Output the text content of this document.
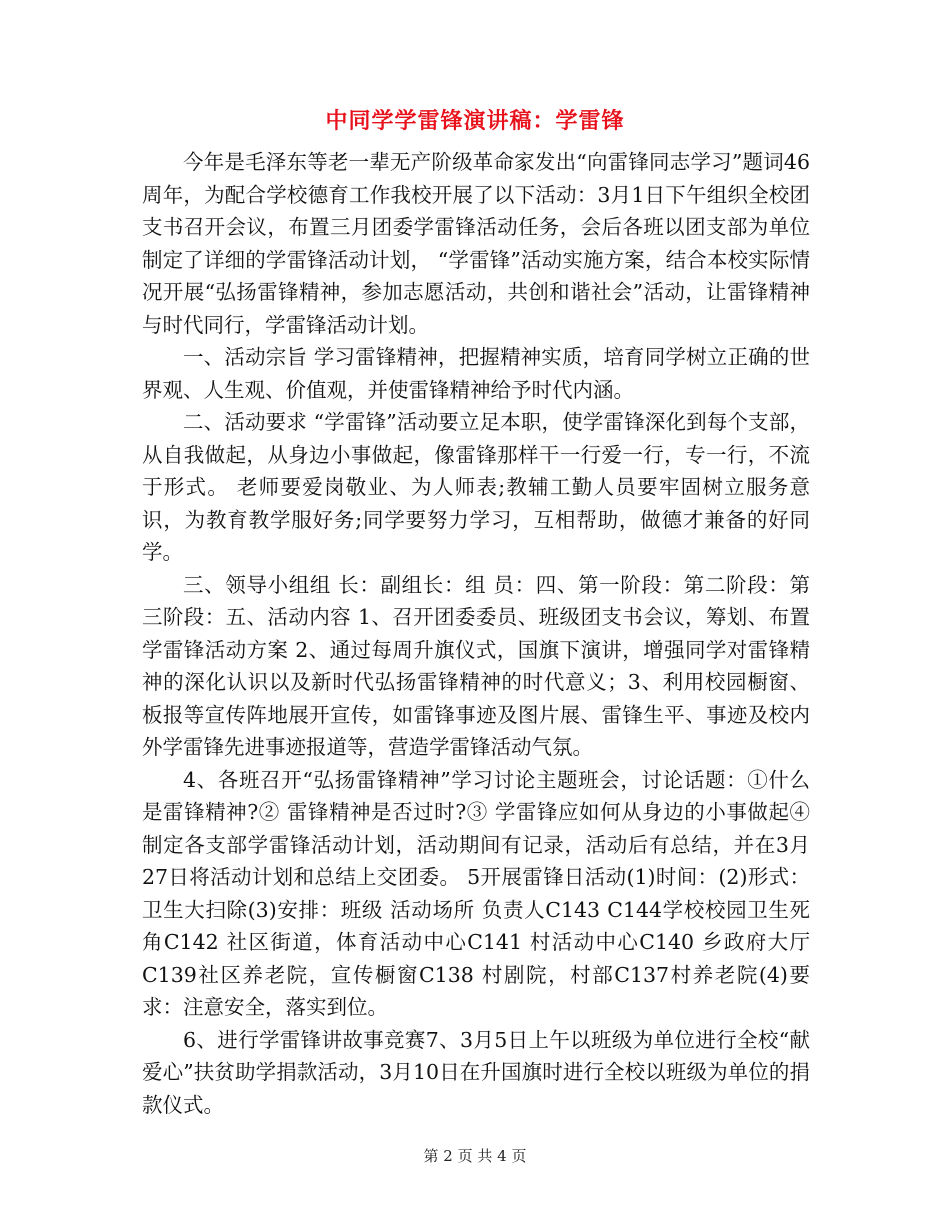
中同学学雷锋演讲稿：学雷锋

今年是毛泽东等老一辈无产阶级革命家发出“向雷锋同志学习”题词46周年，为配合学校德育工作我校开展了以下活动：3月1日下午组织全校团支书召开会议，布置三月团委学雷锋活动任务，会后各班以团支部为单位制定了详细的学雷锋活动计划， “学雷锋”活动实施方案，结合本校实际情况开展“弘扬雷锋精神，参加志愿活动，共创和谐社会”活动，让雷锋精神与时代同行，学雷锋活动计划。

一、活动宗旨 学习雷锋精神，把握精神实质，培育同学树立正确的世界观、人生观、价值观，并使雷锋精神给予时代内涵。

二、活动要求 “学雷锋”活动要立足本职，使学雷锋深化到每个支部，从自我做起，从身边小事做起，像雷锋那样干一行爱一行，专一行，不流于形式。 老师要爱岗敬业、为人师表;教辅工勤人员要牢固树立服务意识，为教育教学服好务;同学要努力学习，互相帮助，做德才兼备的好同学。

三、领导小组组 长：副组长：组 员：四、第一阶段：第二阶段：第三阶段：五、活动内容 1、召开团委委员、班级团支书会议，筹划、布置学雷锋活动方案 2、通过每周升旗仪式，国旗下演讲，增强同学对雷锋精神的深化认识以及新时代弘扬雷锋精神的时代意义；3、利用校园橱窗、板报等宣传阵地展开宣传，如雷锋事迹及图片展、雷锋生平、事迹及校内外学雷锋先进事迹报道等，营造学雷锋活动气氛。

4、各班召开“弘扬雷锋精神”学习讨论主题班会，讨论话题：①什么是雷锋精神?② 雷锋精神是否过时?③ 学雷锋应如何从身边的小事做起④制定各支部学雷锋活动计划，活动期间有记录，活动后有总结，并在3月27日将活动计划和总结上交团委。 5开展雷锋日活动(1)时间：(2)形式：卫生大扫除(3)安排：班级 活动场所 负责人C143 C144学校校园卫生死角C142 社区街道，体育活动中心C141 村活动中心C140 乡政府大厅C139社区养老院，宣传橱窗C138 村剧院，村部C137村养老院(4)要求：注意安全，落实到位。

6、进行学雷锋讲故事竞赛7、3月5日上午以班级为单位进行全校“献爱心”扶贫助学捐款活动，3月10日在升国旗时进行全校以班级为单位的捐款仪式。

第 2 页 共 4 页
